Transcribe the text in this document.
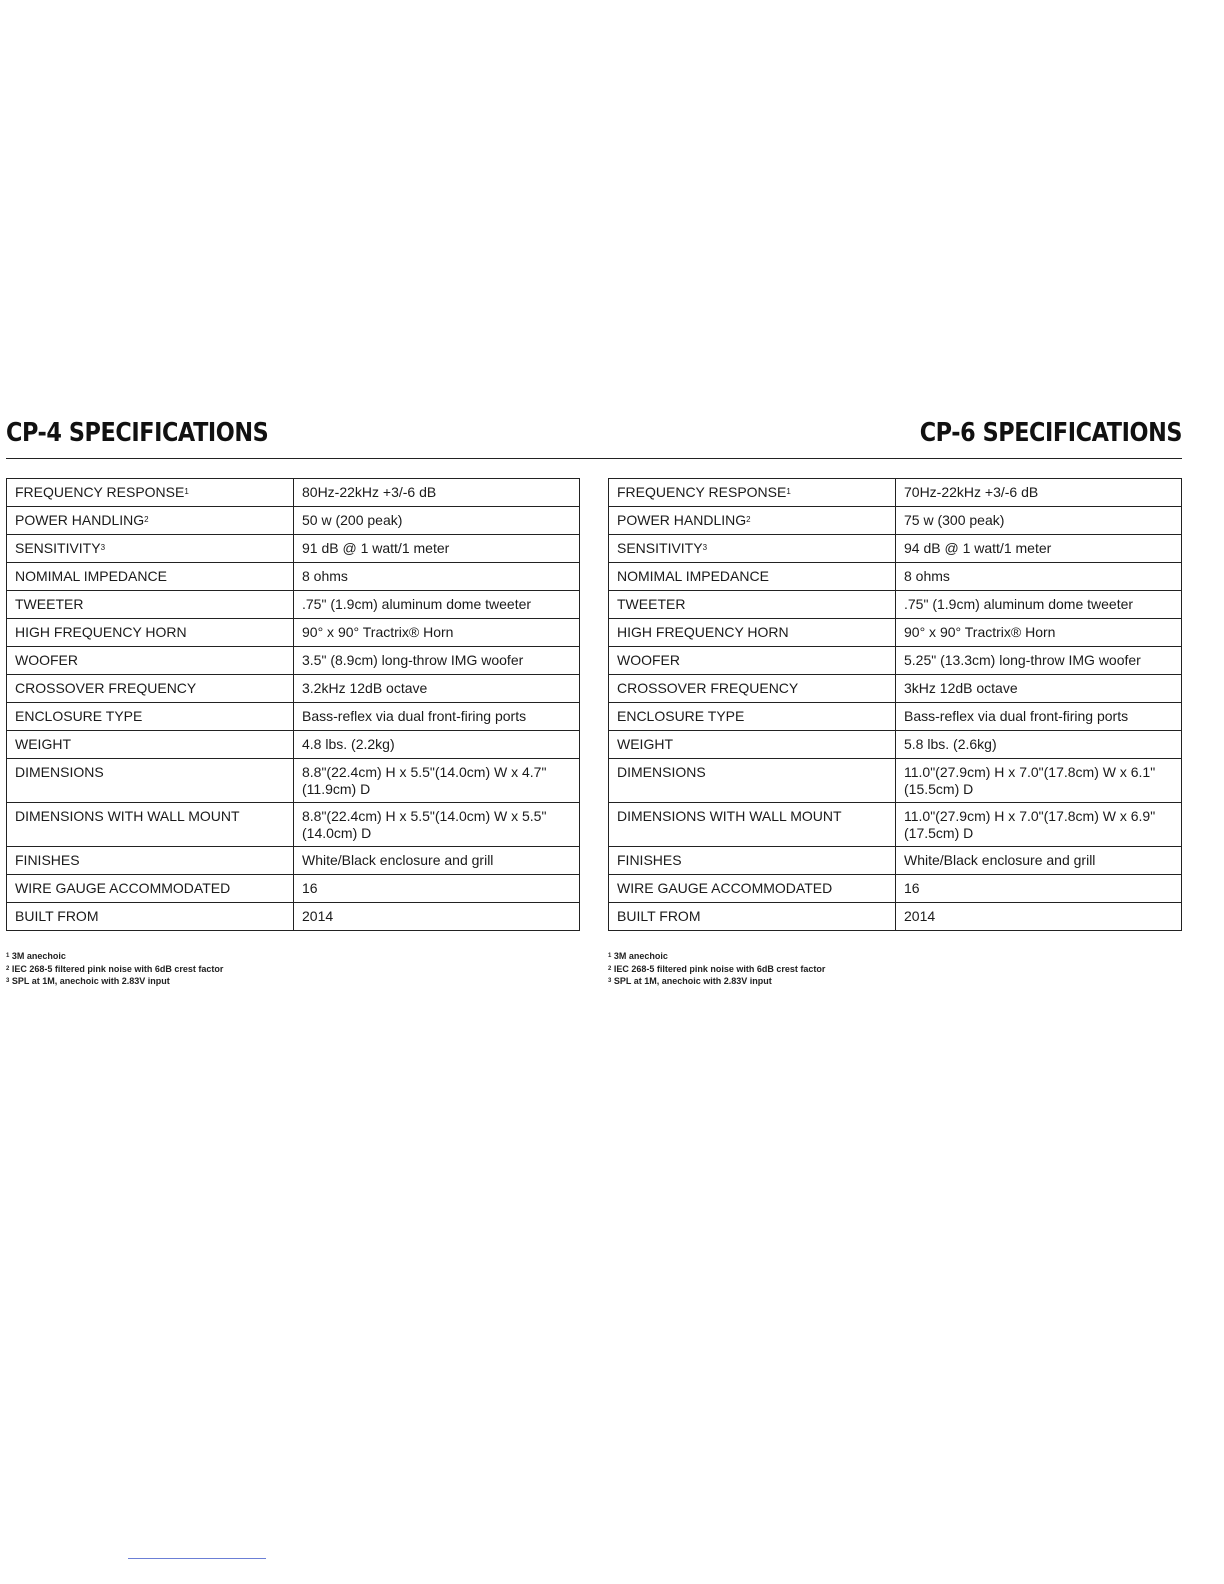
CP-4 SPECIFICATIONS	CP-6 SPECIFICATIONS
FREQUENCY RESPONSE$^1$	80Hz-22kHz +3/-6 dB
POWER HANDLING$^2$	50 w (200 peak)
SENSITIVITY$^3$	91 dB @ 1 watt/1 meter
NOMIMAL IMPEDANCE	8 ohms
TWEETER	.75" (1.9cm) aluminum dome tweeter
HIGH FREQUENCY HORN	90° x 90° Tractrix® Horn
WOOFER	3.5" (8.9cm) long-throw IMG woofer
CROSSOVER FREQUENCY	3.2kHz 12dB octave
ENCLOSURE TYPE	Bass-reflex via dual front-firing ports
WEIGHT	4.8 lbs. (2.2kg)
DIMENSIONS	8.8"(22.4cm) H x 5.5"(14.0cm) W x 4.7"(11.9cm) D
DIMENSIONS WITH WALL MOUNT	8.8"(22.4cm) H x 5.5"(14.0cm) W x 5.5"(14.0cm) D
FINISHES	White/Black enclosure and grill
WIRE GAUGE ACCOMMODATED	16
BUILT FROM	2014
FREQUENCY RESPONSE$^1$	70Hz-22kHz +3/-6 dB
POWER HANDLING$^2$	75 w (300 peak)
SENSITIVITY$^3$	94 dB @ 1 watt/1 meter
NOMIMAL IMPEDANCE	8 ohms
TWEETER	.75" (1.9cm) aluminum dome tweeter
HIGH FREQUENCY HORN	90° x 90° Tractrix® Horn
WOOFER	5.25" (13.3cm) long-throw IMG woofer
CROSSOVER FREQUENCY	3kHz 12dB octave
ENCLOSURE TYPE	Bass-reflex via dual front-firing ports
WEIGHT	5.8 lbs. (2.6kg)
DIMENSIONS	11.0"(27.9cm) H x 7.0"(17.8cm) W x 6.1"(15.5cm) D
DIMENSIONS WITH WALL MOUNT	11.0"(27.9cm) H x 7.0"(17.8cm) W x 6.9"(17.5cm) D
FINISHES	White/Black enclosure and grill
WIRE GAUGE ACCOMMODATED	16
BUILT FROM	2014
$^1$ 3M anechoic
$^2$ IEC 268-5 filtered pink noise with 6dB crest factor
$^3$ SPL at 1M, anechoic with 2.83V input
$^1$ 3M anechoic
$^2$ IEC 268-5 filtered pink noise with 6dB crest factor
$^3$ SPL at 1M, anechoic with 2.83V input
